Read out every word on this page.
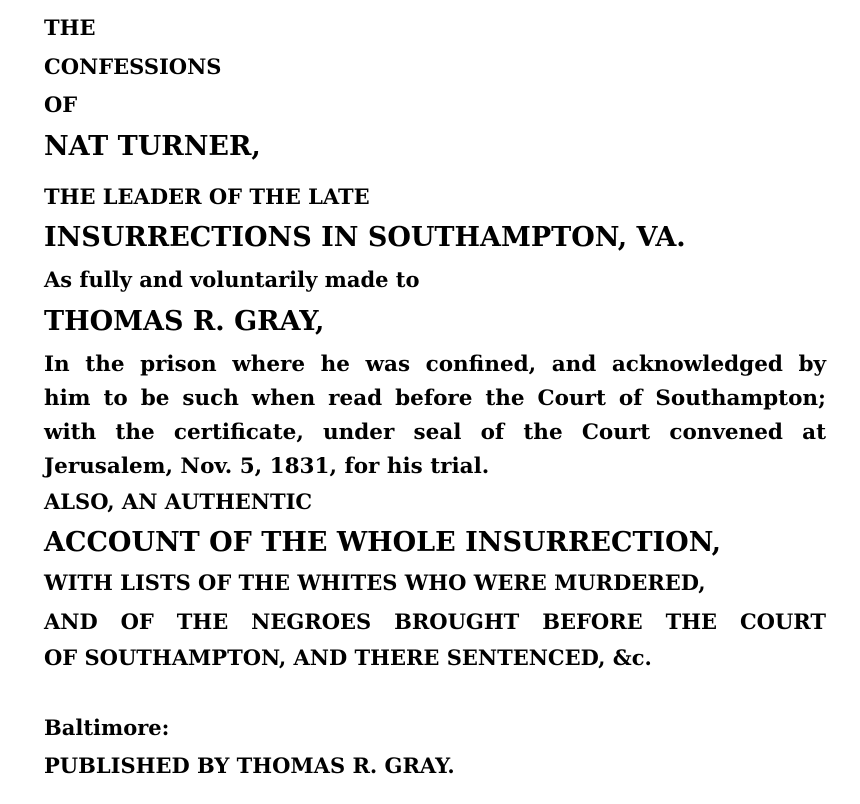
THE
CONFESSIONS
OF
NAT TURNER,
THE LEADER OF THE LATE
INSURRECTIONS IN SOUTHAMPTON, VA.
As fully and voluntarily made to
THOMAS R. GRAY,
In the prison where he was confined, and acknowledged by
him to be such when read before the Court of Southampton;
with the certificate, under seal of the Court convened at
Jerusalem, Nov. 5, 1831, for his trial.
ALSO, AN AUTHENTIC
ACCOUNT OF THE WHOLE INSURRECTION,
WITH LISTS OF THE WHITES WHO WERE MURDERED,
AND OF THE NEGROES BROUGHT BEFORE THE COURT
OF SOUTHAMPTON, AND THERE SENTENCED, &c.
Baltimore:
PUBLISHED BY THOMAS R. GRAY.
